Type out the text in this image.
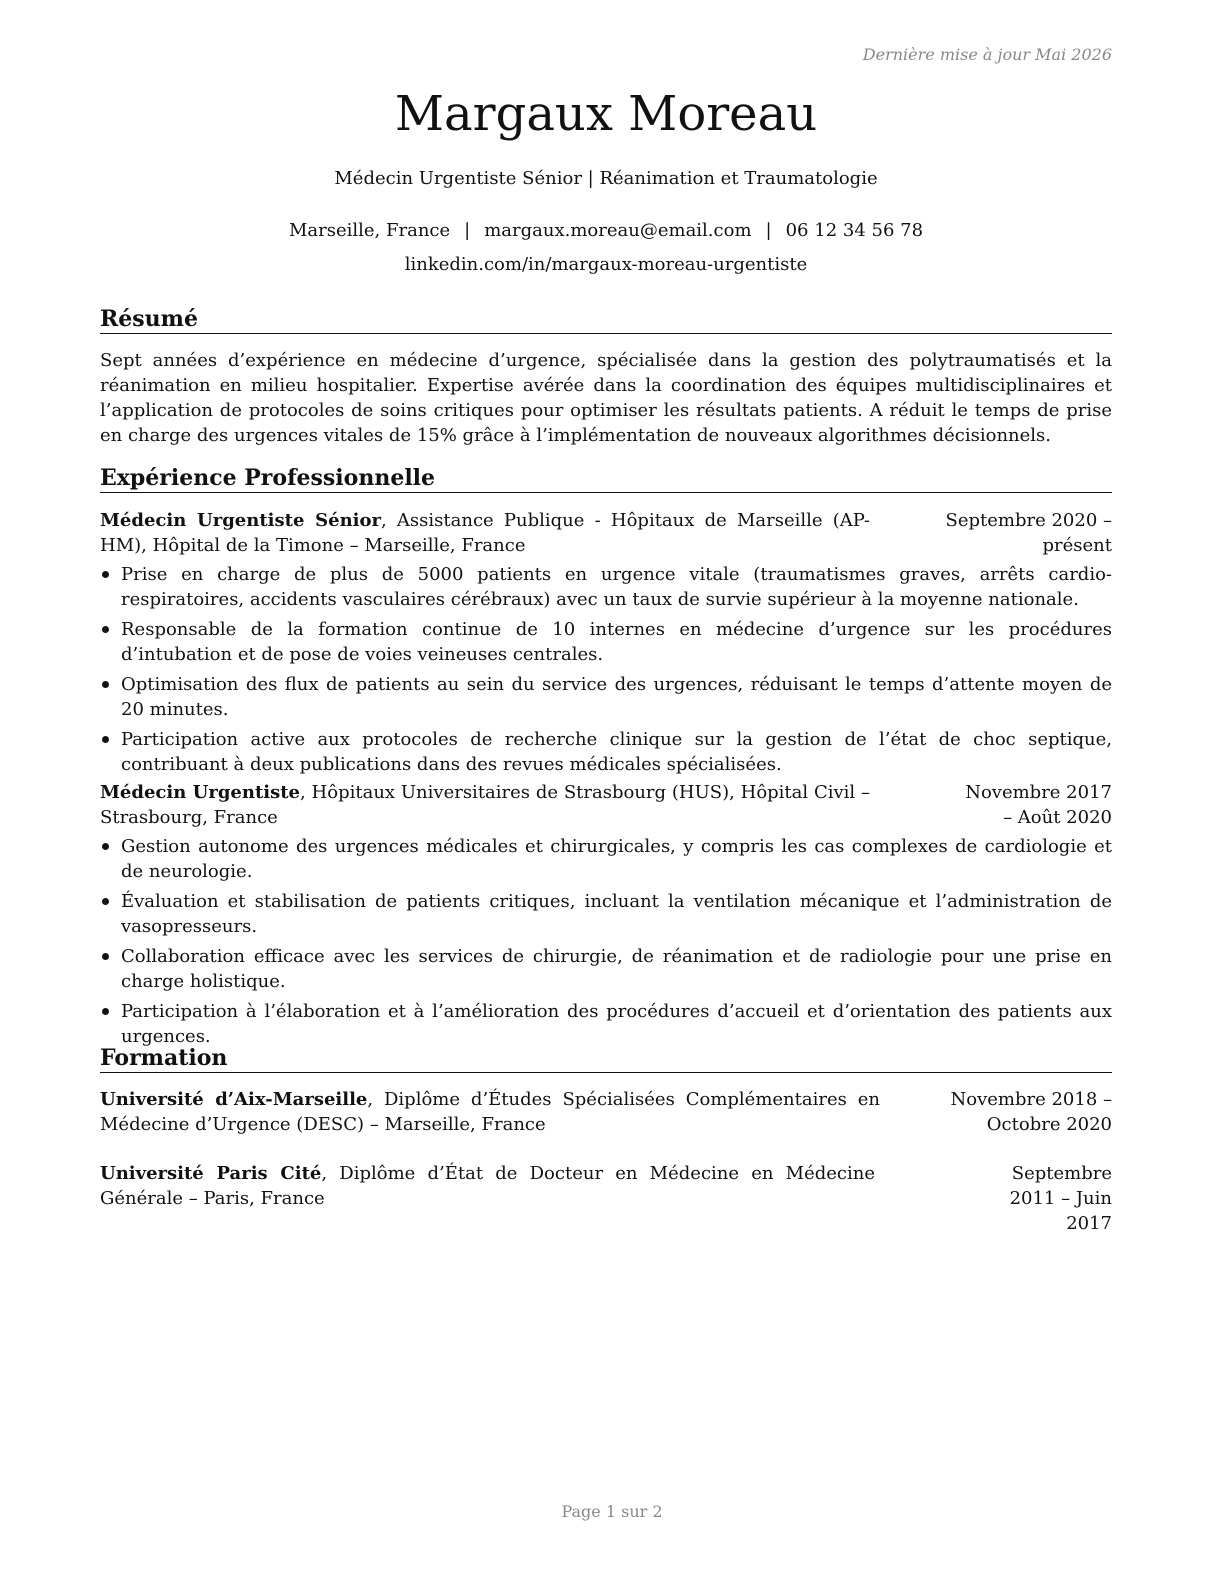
Dernière mise à jour Mai 2026
Margaux Moreau
Médecin Urgentiste Sénior | Réanimation et Traumatologie
Marseille, France | margaux.moreau@email.com | 06 12 34 56 78
linkedin.com/in/margaux-moreau-urgentiste
Résumé
Sept années d’expérience en médecine d’urgence, spécialisée dans la gestion des polytraumatisés et la réanimation en milieu hospitalier. Expertise avérée dans la coordination des équipes multidisciplinaires et l’application de protocoles de soins critiques pour optimiser les résultats patients. A réduit le temps de prise en charge des urgences vitales de 15% grâce à l’implémentation de nouveaux algorithmes décisionnels.
Expérience Professionnelle
Médecin Urgentiste Sénior, Assistance Publique - Hôpitaux de Marseille (AP-HM), Hôpital de la Timone – Marseille, France
Septembre 2020 – présent
Prise en charge de plus de 5000 patients en urgence vitale (traumatismes graves, arrêts cardio-respiratoires, accidents vasculaires cérébraux) avec un taux de survie supérieur à la moyenne nationale.
Responsable de la formation continue de 10 internes en médecine d’urgence sur les procédures d’intubation et de pose de voies veineuses centrales.
Optimisation des flux de patients au sein du service des urgences, réduisant le temps d’attente moyen de 20 minutes.
Participation active aux protocoles de recherche clinique sur la gestion de l’état de choc septique, contribuant à deux publications dans des revues médicales spécialisées.
Médecin Urgentiste, Hôpitaux Universitaires de Strasbourg (HUS), Hôpital Civil – Strasbourg, France
Novembre 2017 – Août 2020
Gestion autonome des urgences médicales et chirurgicales, y compris les cas complexes de cardiologie et de neurologie.
Évaluation et stabilisation de patients critiques, incluant la ventilation mécanique et l’administration de vasopresseurs.
Collaboration efficace avec les services de chirurgie, de réanimation et de radiologie pour une prise en charge holistique.
Participation à l’élaboration et à l’amélioration des procédures d’accueil et d’orientation des patients aux urgences.
Formation
Université d’Aix-Marseille, Diplôme d’Études Spécialisées Complémentaires en Médecine d’Urgence (DESC) – Marseille, France
Novembre 2018 – Octobre 2020
Université Paris Cité, Diplôme d’État de Docteur en Médecine en Médecine Générale – Paris, France
Septembre 2011 – Juin 2017
Page 1 sur 2
